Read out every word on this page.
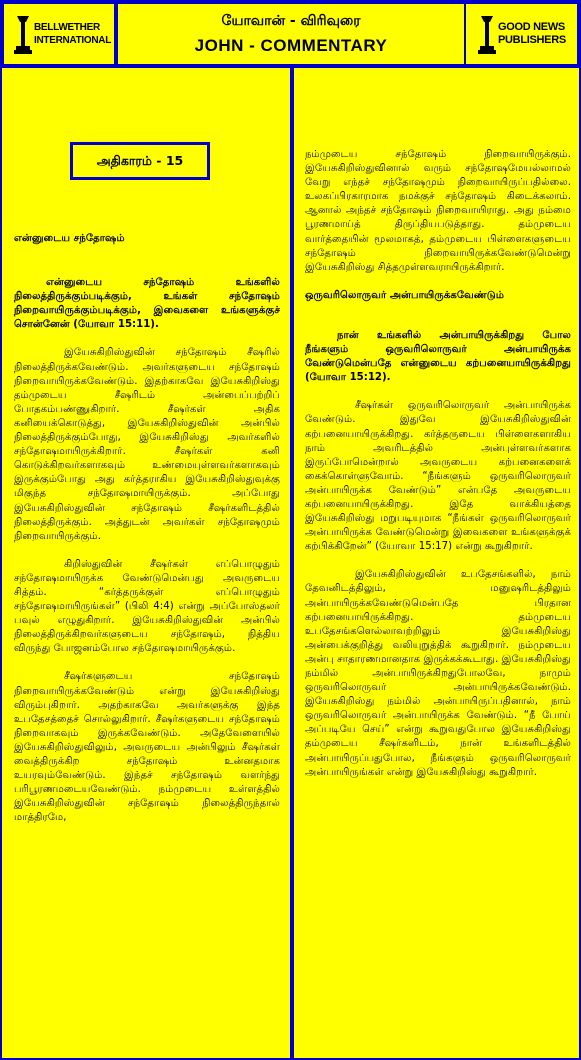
BELLWETHER
INTERNATIONAL
யோவான் - விரிவுரை
JOHN - COMMENTARY
GOOD NEWS
PUBLISHERS
அதிகாரம் - 15

என்னுடைய சந்தோஷம்

என்னுடைய சந்தோஷம் உங்களில் நிலைத்திருக்கும்படிக்கும், உங்கள் சந்தோஷம் நிறைவாயிருக்கும்படிக்கும், இவைகளை உங்களுக்குச் சொன்னேன் (யோவா 15:11).

இயேசுகிறிஸ்துவின் சந்தோஷம் சீஷரில் நிலைத்திருக்கவேண்டும். அவர்களுடைய சந்தோஷம் நிறைவாயிருக்கவேண்டும். இதற்காகவே இயேசுகிறிஸ்து தம்முடைய சீஷரிடம் அன்பைப்பற்றிப் போதகம்பண்ணுகிறார். சீஷர்கள் அதிக கனியைக்கொடுத்து, இயேசுகிறிஸ்துவின் அன்பில் நிலைத்திருக்கும்போது, இயேசுகிறிஸ்து அவர்களில் சந்தோஷமாயிருக்கிறார். சீஷர்கள் கனி கொடுக்கிறவர்களாகவும் உண்மையுள்ளவர்களாகவும் இருக்கும்போது அது கர்த்தராகிய இயேசுகிறிஸ்துவுக்கு மிகுந்த சந்தோஷமாயிருக்கும். அப்போது இயேசுகிறிஸ்துவின் சந்தோஷம் சீஷர்களிடத்தில் நிலைத்திருக்கும். அத்துடன் அவர்கள் சந்தோஷமும் நிறைவாயிருக்கும்.

கிறிஸ்துவின் சீஷர்கள் எப்பொழுதும் சந்தோஷமாயிருக்க வேண்டுமென்பது அவருடைய சித்தம். “கர்த்தருக்குள் எப்பொழுதும் சந்தோஷமாயிருங்கள்” (பிலி 4:4) என்று அப்போஸ்தலர் பவுல் எழுதுகிறார். இயேசுகிறிஸ்துவின் அன்பில் நிலைத்திருக்கிறவர்களுடைய சந்தோஷம், நித்திய விருந்து போஜனம்போல சந்தோஷமாயிருக்கும்.

சீஷர்களுடைய சந்தோஷம் நிறைவாயிருக்கவேண்டும் என்று இயேசுகிறிஸ்து விரும்புகிறார். அதற்காகவே அவர்களுக்கு இந்த உபதேசத்தைச் சொல்லுகிறார். சீஷர்களுடைய சந்தோஷம் நிறைவாகவும் இருக்கவேண்டும். அதேவேளையில் இயேசுகிறிஸ்துவிலும், அவருடைய அன்பிலும் சீஷர்கள் வைத்திருக்கிற சந்தோஷம் உன்னதமாக உயரவும்வேண்டும். இந்தச் சந்தோஷம் வளர்ந்து பரிபூரணமடையவேண்டும். நம்முடைய உள்ளத்தில் இயேசுகிறிஸ்துவின் சந்தோஷம் நிலைத்திருந்தால் மாத்திரமே,

நம்முடைய சந்தோஷம் நிறைவாயிருக்கும். இயேசுகிறிஸ்துவினால் வரும் சந்தோஷமேயல்லாமல் வேறு எந்தச் சந்தோஷமும் நிறைவாயிருப்பதில்லை. உலகப்பிரகாரமாக நமக்குச் சந்தோஷம் கிடைக்கலாம். ஆனால் அந்தச் சந்தோஷம் நிறைவாயிராது. அது நம்மை பூரணமாய்த் திருப்தியபடுத்தாது. தம்முடைய வார்த்தையின் மூலமாகத், தம்முடைய பிள்ளைகளுடைய சந்தோஷம் நிறைவாயிருக்கவேண்டுமென்று இயேசுகிறிஸ்து சித்தமுள்ளவராயிருக்கிறார்.

ஒருவரிலொருவர் அன்பாயிருக்கவேண்டும்

நான் உங்களில் அன்பாயிருக்கிறது போல நீங்களும் ஒருவரிலொருவர் அன்பாயிருக்க வேண்டுமென்பதே என்னுடைய கற்பனையாயிருக்கிறது (யோவா 15:12).

சீஷர்கள் ஒருவரிலொருவர் அன்பாயிருக்க வேண்டும். இதுவே இயேசுகிறிஸ்துவின் கற்பனையாயிருக்கிறது. கர்த்தருடைய பிள்ளைகளாகிய நாம் அவரிடத்தில் அன்புள்ளவர்களாக இருப்போமென்றால் அவருடைய கற்பனைகளைக் கைக்கொள்ளுவோம். “நீங்களும் ஒருவரிலொருவர் அன்பாயிருக்க வேண்டும்” என்பதே அவருடைய கற்பனையாயிருக்கிறது. இதே வாக்கியத்தை இயேசுகிறிஸ்து மறுபடியுமாக “நீங்கள் ஒருவரிலொருவர் அன்பாயிருக்க வேண்டுமென்று இவைகளை உங்களுக்குக் கற்பிக்கிறேன்” (யோவா 15:17) என்று கூறுகிறார்.

இயேசுகிறிஸ்துவின் உபதேசங்களில், நாம் தேவனிடத்திலும், மனுஷரிடத்திலும் அன்பாயிருக்கவேண்டுமென்பதே பிரதான கற்பனையாயிருக்கிறது. தம்முடைய உபதேசங்களெல்லாவற்றிலும் இயேசுகிறிஸ்து அன்பைக்குறித்து வலியுறுத்திக் கூறுகிறார். நம்முடைய அன்பு சாதாரணமானதாக இருக்கக்கூடாது. இயேசுகிறிஸ்து நம்மில் அன்பாயிருக்கிறதுபோலவே, நாமும் ஒருவரிலொருவர் அன்பாயிருக்கவேண்டும். இயேசுகிறிஸ்து நம்மில் அன்பாயிருப்பதினால், நாம் ஒருவரிலொருவர் அன்பாயிருக்க வேண்டும். “நீ போய் அப்படியே செய்” என்று கூறுவதுபோல இயேசுகிறிஸ்து தம்முடைய சீஷர்களிடம், நான் உங்களிடத்தில் அன்பாயிருப்பதுபோல, நீங்களும் ஒருவரிலொருவர் அன்பாயிருங்கள் என்று இயேசுகிறிஸ்து கூறுகிறார்.
